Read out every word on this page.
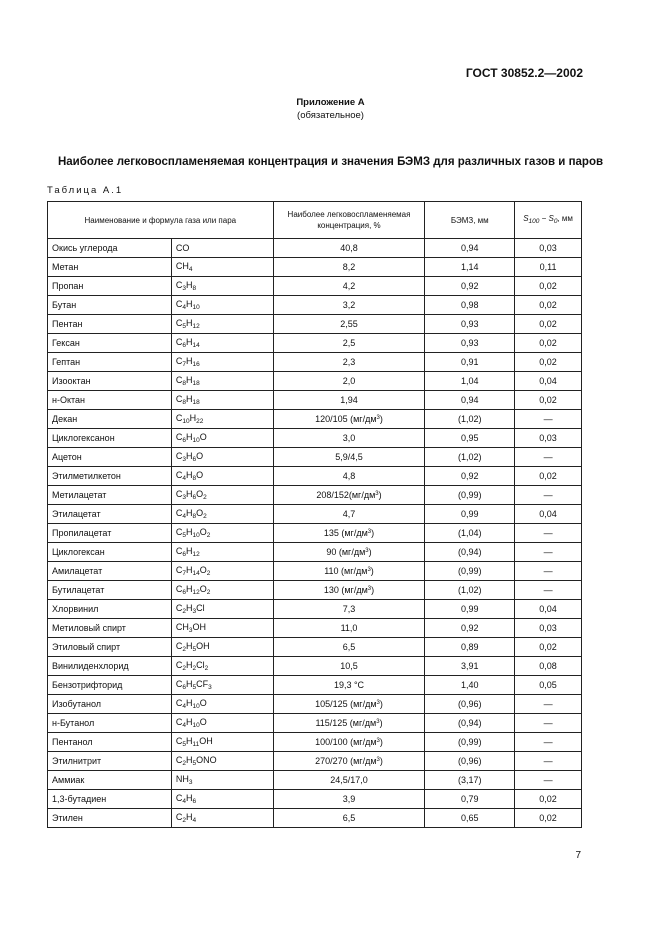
ГОСТ 30852.2—2002
Приложение А
(обязательное)
Наиболее легковоспламеняемая концентрация и значения БЭМЗ для различных газов и паров
Таблица А.1
Наименование и формула газа или пара		Наиболее легковоспламеняемая концентрация, %	БЭМЗ, мм	$S_{100} - S_0$, мм
Окись углерода	CO	40,8	0,94	0,03
Метан	$CH_4$	8,2	1,14	0,11
Пропан	$C_3H_8$	4,2	0,92	0,02
Бутан	$C_4H_{10}$	3,2	0,98	0,02
Пентан	$C_5H_{12}$	2,55	0,93	0,02
Гексан	$C_6H_{14}$	2,5	0,93	0,02
Гептан	$C_7H_{16}$	2,3	0,91	0,02
Изооктан	$C_8H_{18}$	2,0	1,04	0,04
н-Октан	$C_8H_{18}$	1,94	0,94	0,02
Декан	$C_{10}H_{22}$	120/105 $(мг/дм^3)$	(1,02)	—
Циклогексанон	$C_6H_{10}O$	3,0	0,95	0,03
Ацетон	$C_3H_6O$	5,9/4,5	(1,02)	—
Этилметилкетон	$C_4H_8O$	4,8	0,92	0,02
Метилацетат	$C_3H_6O_2$	$208/152(мг/дм^3)$	(0,99)	—
Этилацетат	$C_4H_8O_2$	4,7	0,99	0,04
Пропилацетат	$C_5H_{10}O_2$	135 $(мг/дм^3)$	(1,04)	—
Циклогексан	$C_6H_{12}$	90 $(мг/дм^3)$	(0,94)	—
Амилацетат	$C_7H_{14}O_2$	110 $(мг/дм^3)$	(0,99)	—
Бутилацетат	$C_6H_{12}O_2$	130 $(мг/дм^3)$	(1,02)	—
Хлорвинил	$C_2H_3Cl$	7,3	0,99	0,04
Метиловый спирт	$CH_3OH$	11,0	0,92	0,03
Этиловый спирт	$C_2H_5OH$	6,5	0,89	0,02
Винилиденхлорид	$C_2H_2Cl_2$	10,5	3,91	0,08
Бензотрифторид	$C_6H_5CF_3$	19,3 °C	1,40	0,05
Изобутанол	$C_4H_{10}O$	105/125 $(мг/дм^3)$	(0,96)	—
н-Бутанол	$C_4H_{10}O$	115/125 $(мг/дм^3)$	(0,94)	—
Пентанол	$C_5H_{11}OH$	100/100 $(мг/дм^3)$	(0,99)	—
Этилнитрит	$C_2H_5ONO$	270/270 $(мг/дм^3)$	(0,96)	—
Аммиак	$NH_3$	24,5/17,0	(3,17)	—
1,3-бутадиен	$C_4H_6$	3,9	0,79	0,02
Этилен	$C_2H_4$	6,5	0,65	0,02
7
